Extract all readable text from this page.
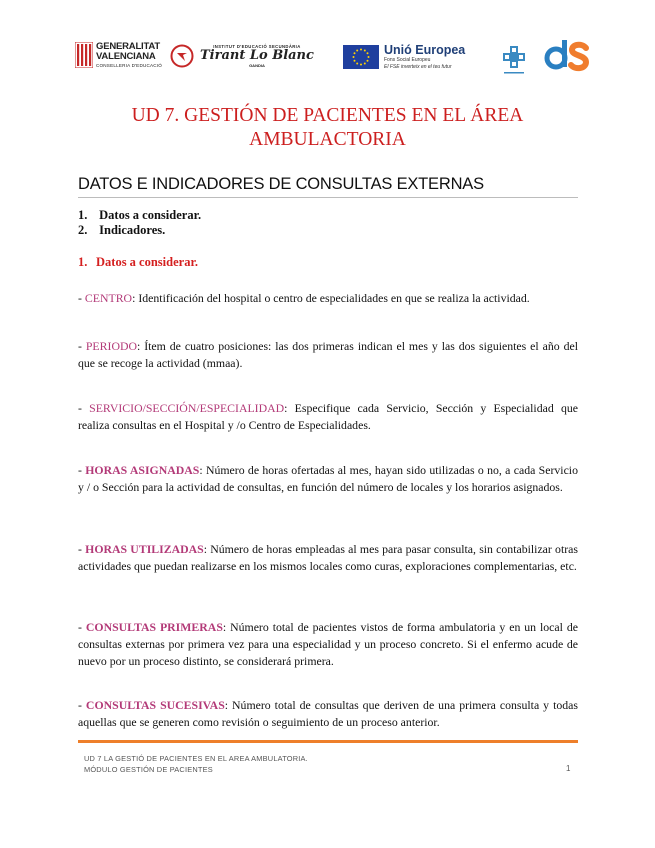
GENERALITAT
VALENCIANA
CONSELLERIA D'EDUCACIÓ
INSTITUT D'EDUCACIÓ SECUNDÀRIA
Tirant Lo Blanc
GANDIA
Unió Europea
Fons Social Europeu
El FSE inverteix en el teu futur
UD 7. GESTIÓN DE PACIENTES EN EL ÁREA AMBULACTORIA
DATOS E INDICADORES DE CONSULTAS EXTERNAS
1. Datos a considerar.
2. Indicadores.
1. Datos a considerar.
- CENTRO: Identificación del hospital o centro de especialidades en que se realiza la actividad.
- PERIODO: Ítem de cuatro posiciones: las dos primeras indican el mes y las dos siguientes el año del que se recoge la actividad (mmaa).
- SERVICIO/SECCIÓN/ESPECIALIDAD: Especifique cada Servicio, Sección y Especialidad que realiza consultas en el Hospital y /o Centro de Especialidades.
- HORAS ASIGNADAS: Número de horas ofertadas al mes, hayan sido utilizadas o no, a cada Servicio y / o Sección para la actividad de consultas, en función del número de locales y los horarios asignados.
- HORAS UTILIZADAS: Número de horas empleadas al mes para pasar consulta, sin contabilizar otras actividades que puedan realizarse en los mismos locales como curas, exploraciones complementarias, etc.
- CONSULTAS PRIMERAS: Número total de pacientes vistos de forma ambulatoria y en un local de consultas externas por primera vez para una especialidad y un proceso concreto. Si el enfermo acude de nuevo por un proceso distinto, se considerará primera.
- CONSULTAS SUCESIVAS: Número total de consultas que deriven de una primera consulta y todas aquellas que se generen como revisión o seguimiento de un proceso anterior.
UD 7 LA GESTIÓ DE PACIENTES EN EL AREA AMBULATORIA.
MÓDULO GESTIÓN DE PACIENTES	1
